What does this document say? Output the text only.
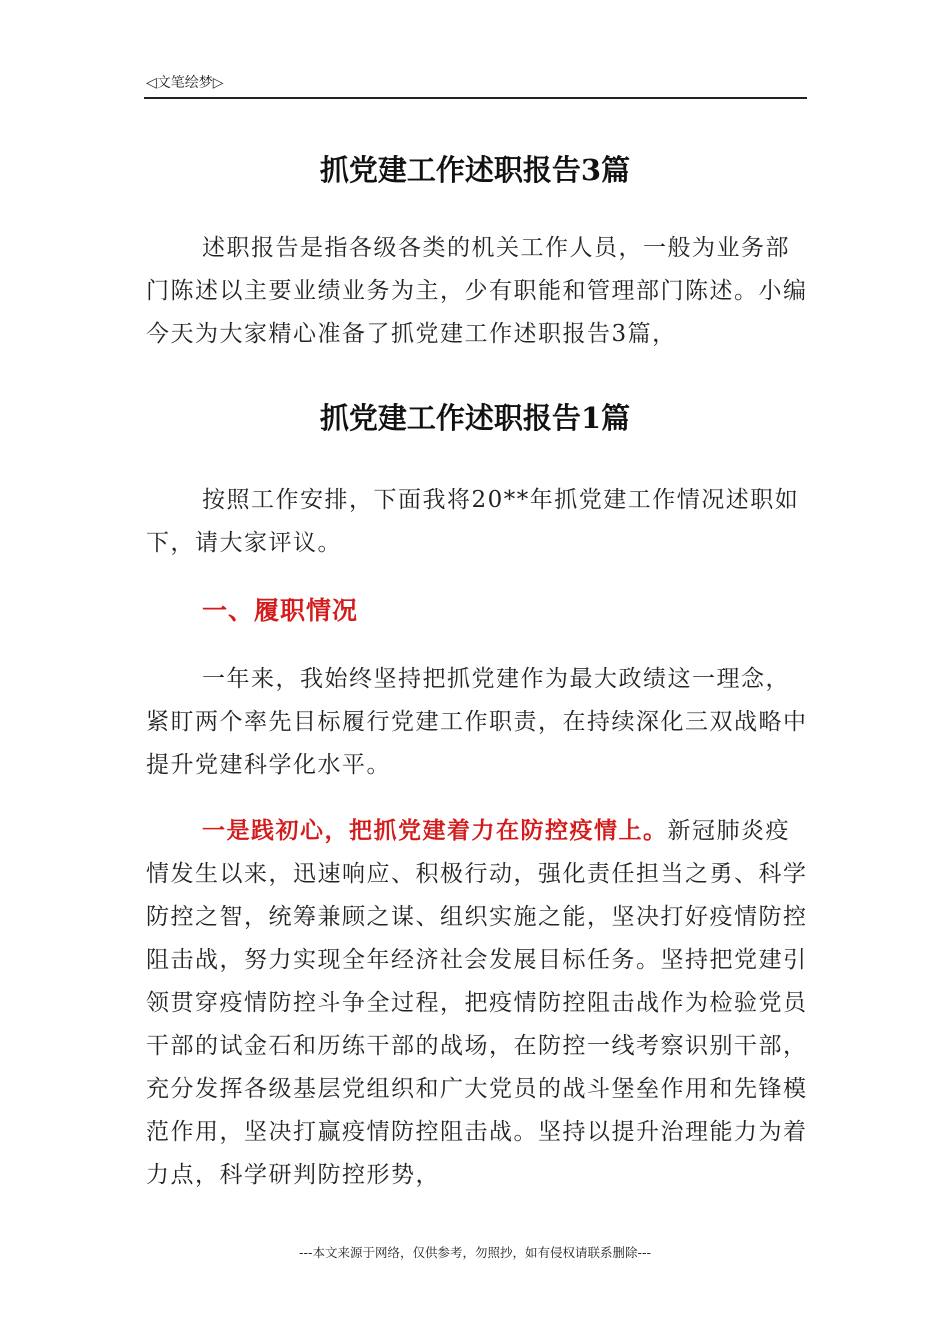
◁文笔绘梦▷
抓党建工作述职报告3篇

述职报告是指各级各类的机关工作人员，一般为业务部门陈述以主要业绩业务为主，少有职能和管理部门陈述。小编今天为大家精心准备了抓党建工作述职报告3篇，

抓党建工作述职报告1篇

按照工作安排，下面我将20**年抓党建工作情况述职如下，请大家评议。

一、履职情况

一年来，我始终坚持把抓党建作为最大政绩这一理念，紧盯两个率先目标履行党建工作职责，在持续深化三双战略中提升党建科学化水平。

一是践初心，把抓党建着力在防控疫情上。新冠肺炎疫情发生以来，迅速响应、积极行动，强化责任担当之勇、科学防控之智，统筹兼顾之谋、组织实施之能，坚决打好疫情防控阻击战，努力实现全年经济社会发展目标任务。坚持把党建引领贯穿疫情防控斗争全过程，把疫情防控阻击战作为检验党员干部的试金石和历练干部的战场，在防控一线考察识别干部，充分发挥各级基层党组织和广大党员的战斗堡垒作用和先锋模范作用，坚决打赢疫情防控阻击战。坚持以提升治理能力为着力点，科学研判防控形势，

---本文来源于网络，仅供参考，勿照抄，如有侵权请联系删除---
